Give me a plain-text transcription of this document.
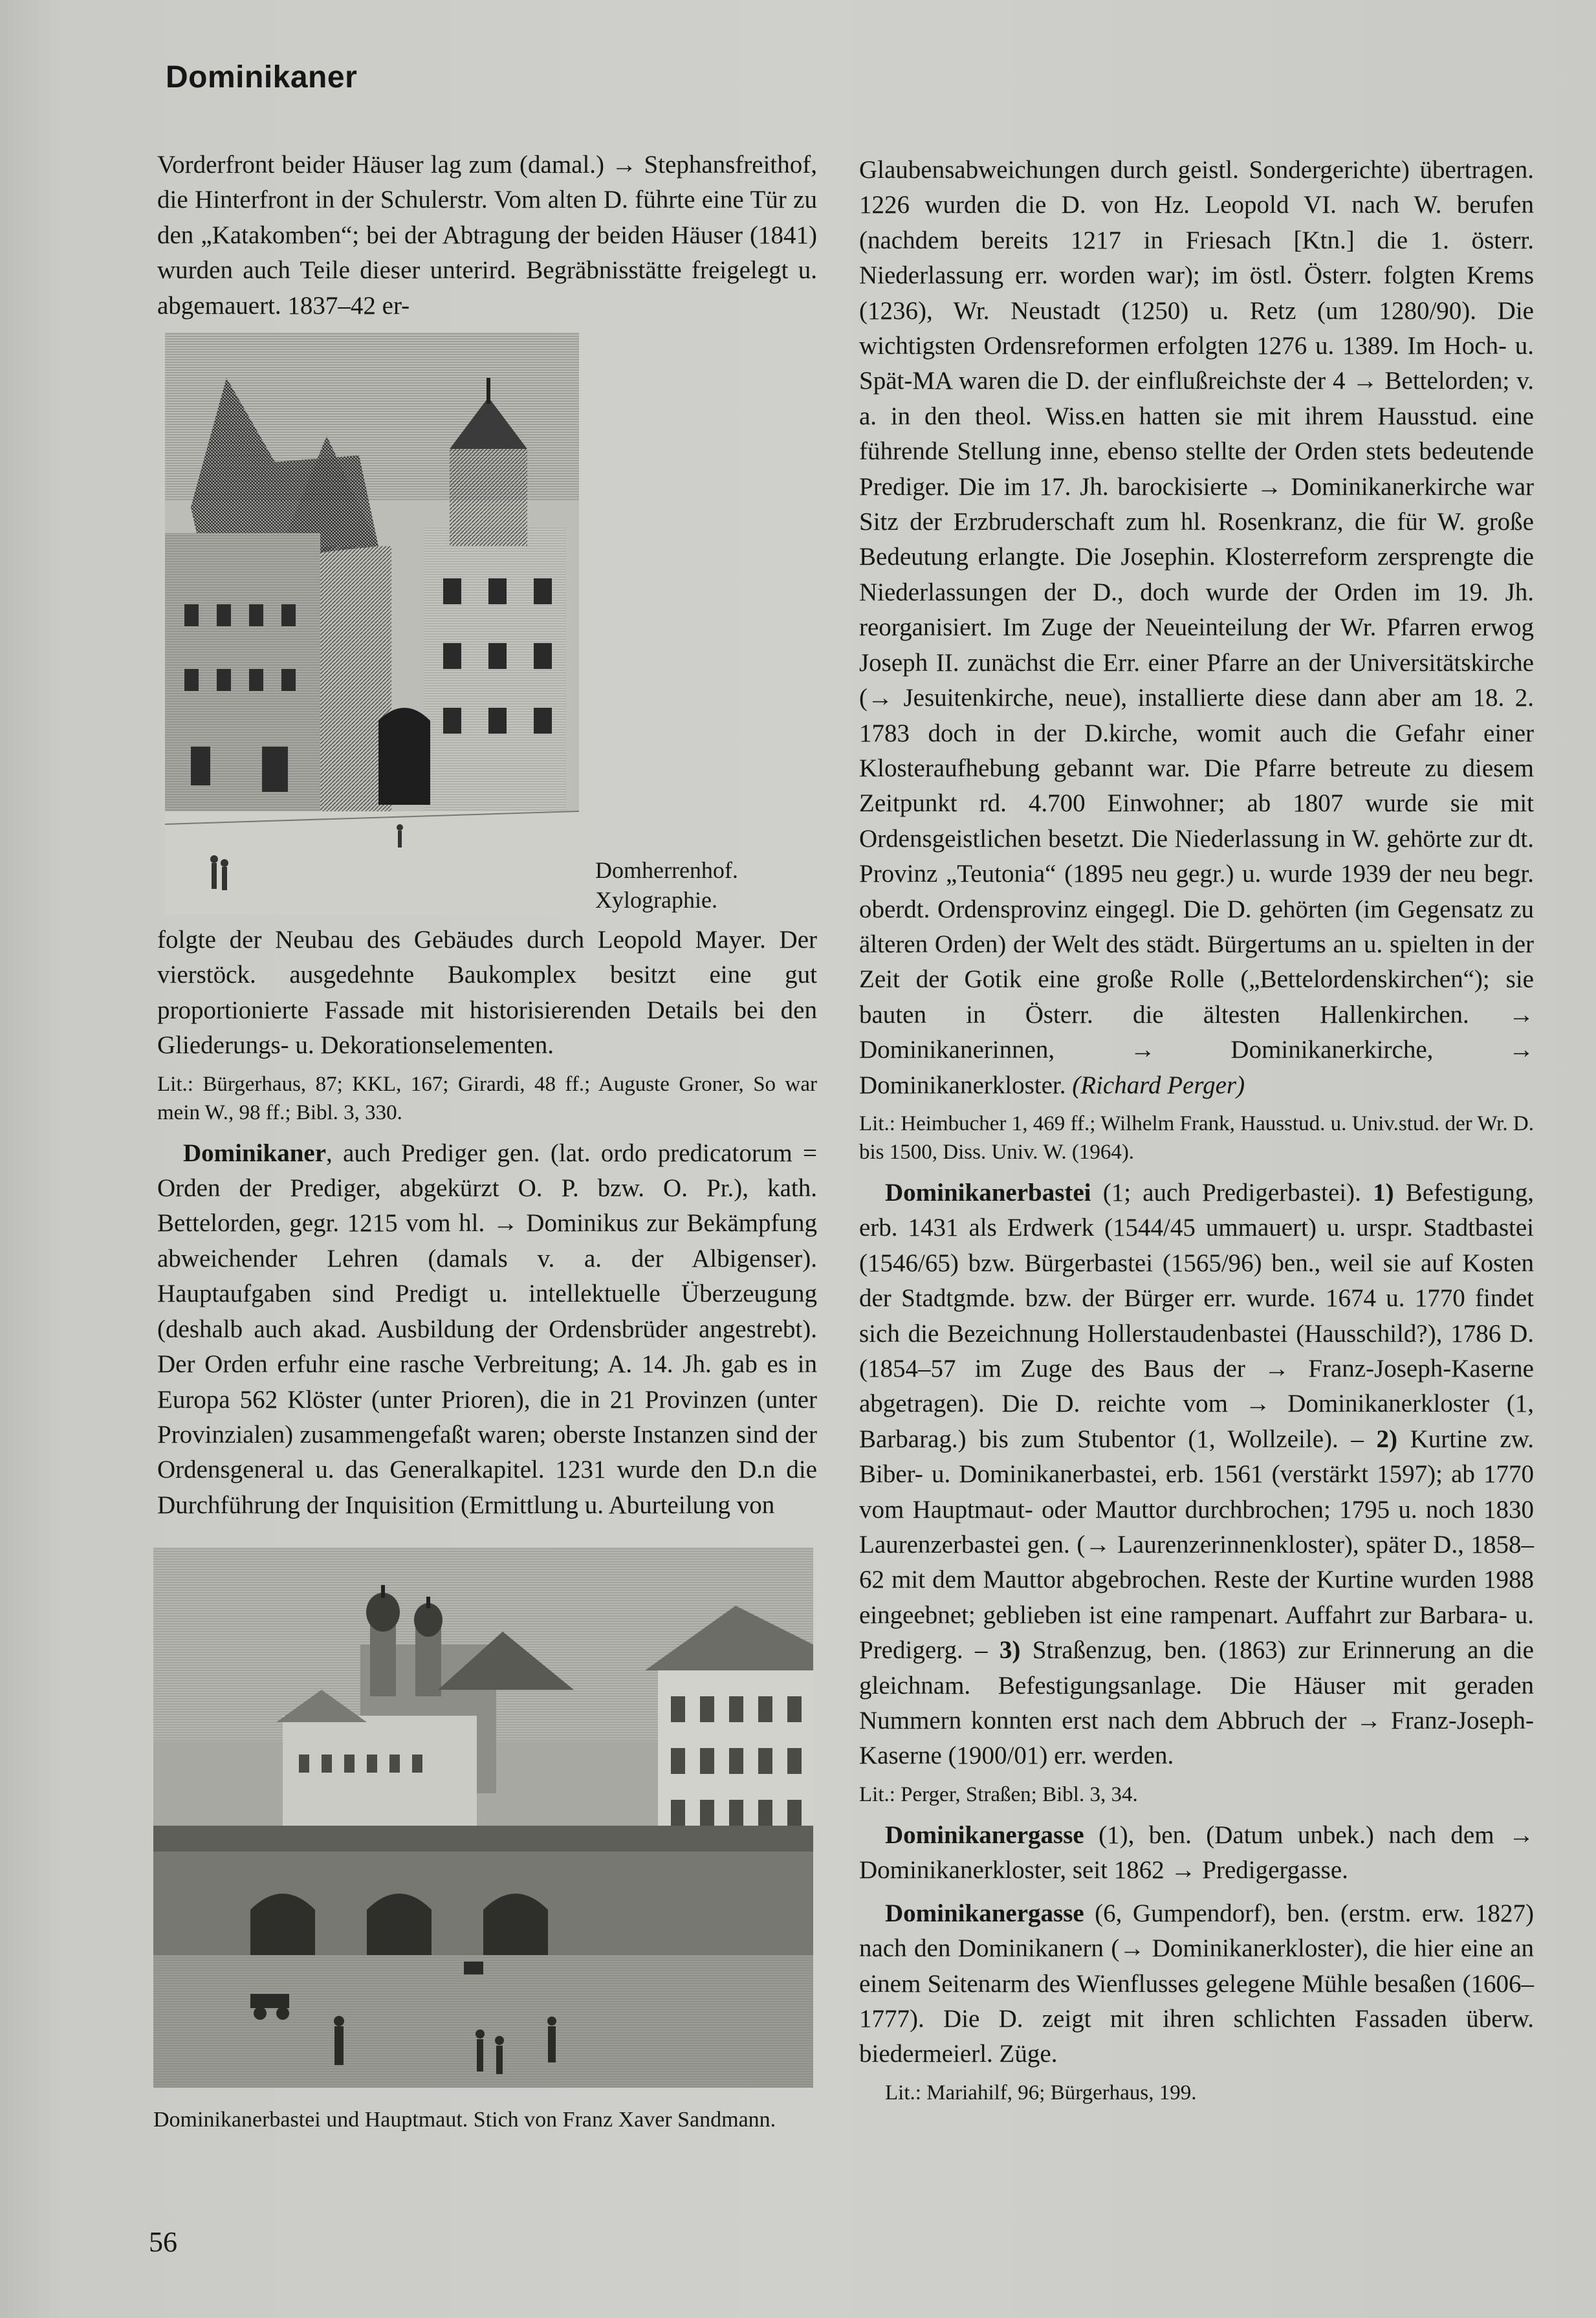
Dominikaner

Vorderfront beider Häuser lag zum (damal.) → Stephansfreithof, die Hinterfront in der Schulerstr. Vom alten D. führte eine Tür zu den „Katakomben“; bei der Abtragung der beiden Häuser (1841) wurden auch Teile dieser unterird. Begräbnisstätte freigelegt u. abgemauert. 1837–42 er-

Domherrenhof.
Xylographie.

folgte der Neubau des Gebäudes durch Leopold Mayer. Der vierstöck. ausgedehnte Baukomplex besitzt eine gut proportionierte Fassade mit historisierenden Details bei den Gliederungs- u. Dekorationselementen.

Lit.: Bürgerhaus, 87; KKL, 167; Girardi, 48 ff.; Auguste Groner, So war mein W., 98 ff.; Bibl. 3, 330.

Dominikaner, auch Prediger gen. (lat. ordo predicatorum = Orden der Prediger, abgekürzt O. P. bzw. O. Pr.), kath. Bettelorden, gegr. 1215 vom hl. → Dominikus zur Bekämpfung abweichender Lehren (damals v. a. der Albigenser). Hauptaufgaben sind Predigt u. intellektuelle Überzeugung (deshalb auch akad. Ausbildung der Ordensbrüder angestrebt). Der Orden erfuhr eine rasche Verbreitung; A. 14. Jh. gab es in Europa 562 Klöster (unter Prioren), die in 21 Provinzen (unter Provinzialen) zusammengefaßt waren; oberste Instanzen sind der Ordensgeneral u. das Generalkapitel. 1231 wurde den D.n die Durchführung der Inquisition (Ermittlung u. Aburteilung von

Dominikanerbastei und Hauptmaut. Stich von Franz Xaver Sandmann.

Glaubensabweichungen durch geistl. Sondergerichte) übertragen. 1226 wurden die D. von Hz. Leopold VI. nach W. berufen (nachdem bereits 1217 in Friesach [Ktn.] die 1. österr. Niederlassung err. worden war); im östl. Österr. folgten Krems (1236), Wr. Neustadt (1250) u. Retz (um 1280/90). Die wichtigsten Ordensreformen erfolgten 1276 u. 1389. Im Hoch- u. Spät-MA waren die D. der einflußreichste der 4 → Bettelorden; v. a. in den theol. Wiss.en hatten sie mit ihrem Hausstud. eine führende Stellung inne, ebenso stellte der Orden stets bedeutende Prediger. Die im 17. Jh. barockisierte → Dominikanerkirche war Sitz der Erzbruderschaft zum hl. Rosenkranz, die für W. große Bedeutung erlangte. Die Josephin. Klosterreform zersprengte die Niederlassungen der D., doch wurde der Orden im 19. Jh. reorganisiert. Im Zuge der Neueinteilung der Wr. Pfarren erwog Joseph II. zunächst die Err. einer Pfarre an der Universitätskirche (→ Jesuitenkirche, neue), installierte diese dann aber am 18. 2. 1783 doch in der D.kirche, womit auch die Gefahr einer Klosteraufhebung gebannt war. Die Pfarre betreute zu diesem Zeitpunkt rd. 4.700 Einwohner; ab 1807 wurde sie mit Ordensgeistlichen besetzt. Die Niederlassung in W. gehörte zur dt. Provinz „Teutonia“ (1895 neu gegr.) u. wurde 1939 der neu begr. oberdt. Ordensprovinz eingegl. Die D. gehörten (im Gegensatz zu älteren Orden) der Welt des städt. Bürgertums an u. spielten in der Zeit der Gotik eine große Rolle („Bettelordenskirchen“); sie bauten in Österr. die ältesten Hallenkirchen. → Dominikanerinnen, → Dominikanerkirche, → Dominikanerkloster. (Richard Perger)

Lit.: Heimbucher 1, 469 ff.; Wilhelm Frank, Hausstud. u. Univ.stud. der Wr. D. bis 1500, Diss. Univ. W. (1964).

Dominikanerbastei (1; auch Predigerbastei). 1) Befestigung, erb. 1431 als Erdwerk (1544/45 ummauert) u. urspr. Stadtbastei (1546/65) bzw. Bürgerbastei (1565/96) ben., weil sie auf Kosten der Stadtgmde. bzw. der Bürger err. wurde. 1674 u. 1770 findet sich die Bezeichnung Hollerstaudenbastei (Hausschild?), 1786 D. (1854–57 im Zuge des Baus der → Franz-Joseph-Kaserne abgetragen). Die D. reichte vom → Dominikanerkloster (1, Barbarag.) bis zum Stubentor (1, Wollzeile). – 2) Kurtine zw. Biber- u. Dominikanerbastei, erb. 1561 (verstärkt 1597); ab 1770 vom Hauptmaut- oder Mauttor durchbrochen; 1795 u. noch 1830 Laurenzerbastei gen. (→ Laurenzerinnenkloster), später D., 1858–62 mit dem Mauttor abgebrochen. Reste der Kurtine wurden 1988 eingeebnet; geblieben ist eine rampenart. Auffahrt zur Barbara- u. Predigerg. – 3) Straßenzug, ben. (1863) zur Erinnerung an die gleichnam. Befestigungsanlage. Die Häuser mit geraden Nummern konnten erst nach dem Abbruch der → Franz-Joseph-Kaserne (1900/01) err. werden.

Lit.: Perger, Straßen; Bibl. 3, 34.

Dominikanergasse (1), ben. (Datum unbek.) nach dem → Dominikanerkloster, seit 1862 → Predigergasse.

Dominikanergasse (6, Gumpendorf), ben. (erstm. erw. 1827) nach den Dominikanern (→ Dominikanerkloster), die hier eine an einem Seitenarm des Wienflusses gelegene Mühle besaßen (1606–1777). Die D. zeigt mit ihren schlichten Fassaden überw. biedermeierl. Züge.

Lit.: Mariahilf, 96; Bürgerhaus, 199.

56
